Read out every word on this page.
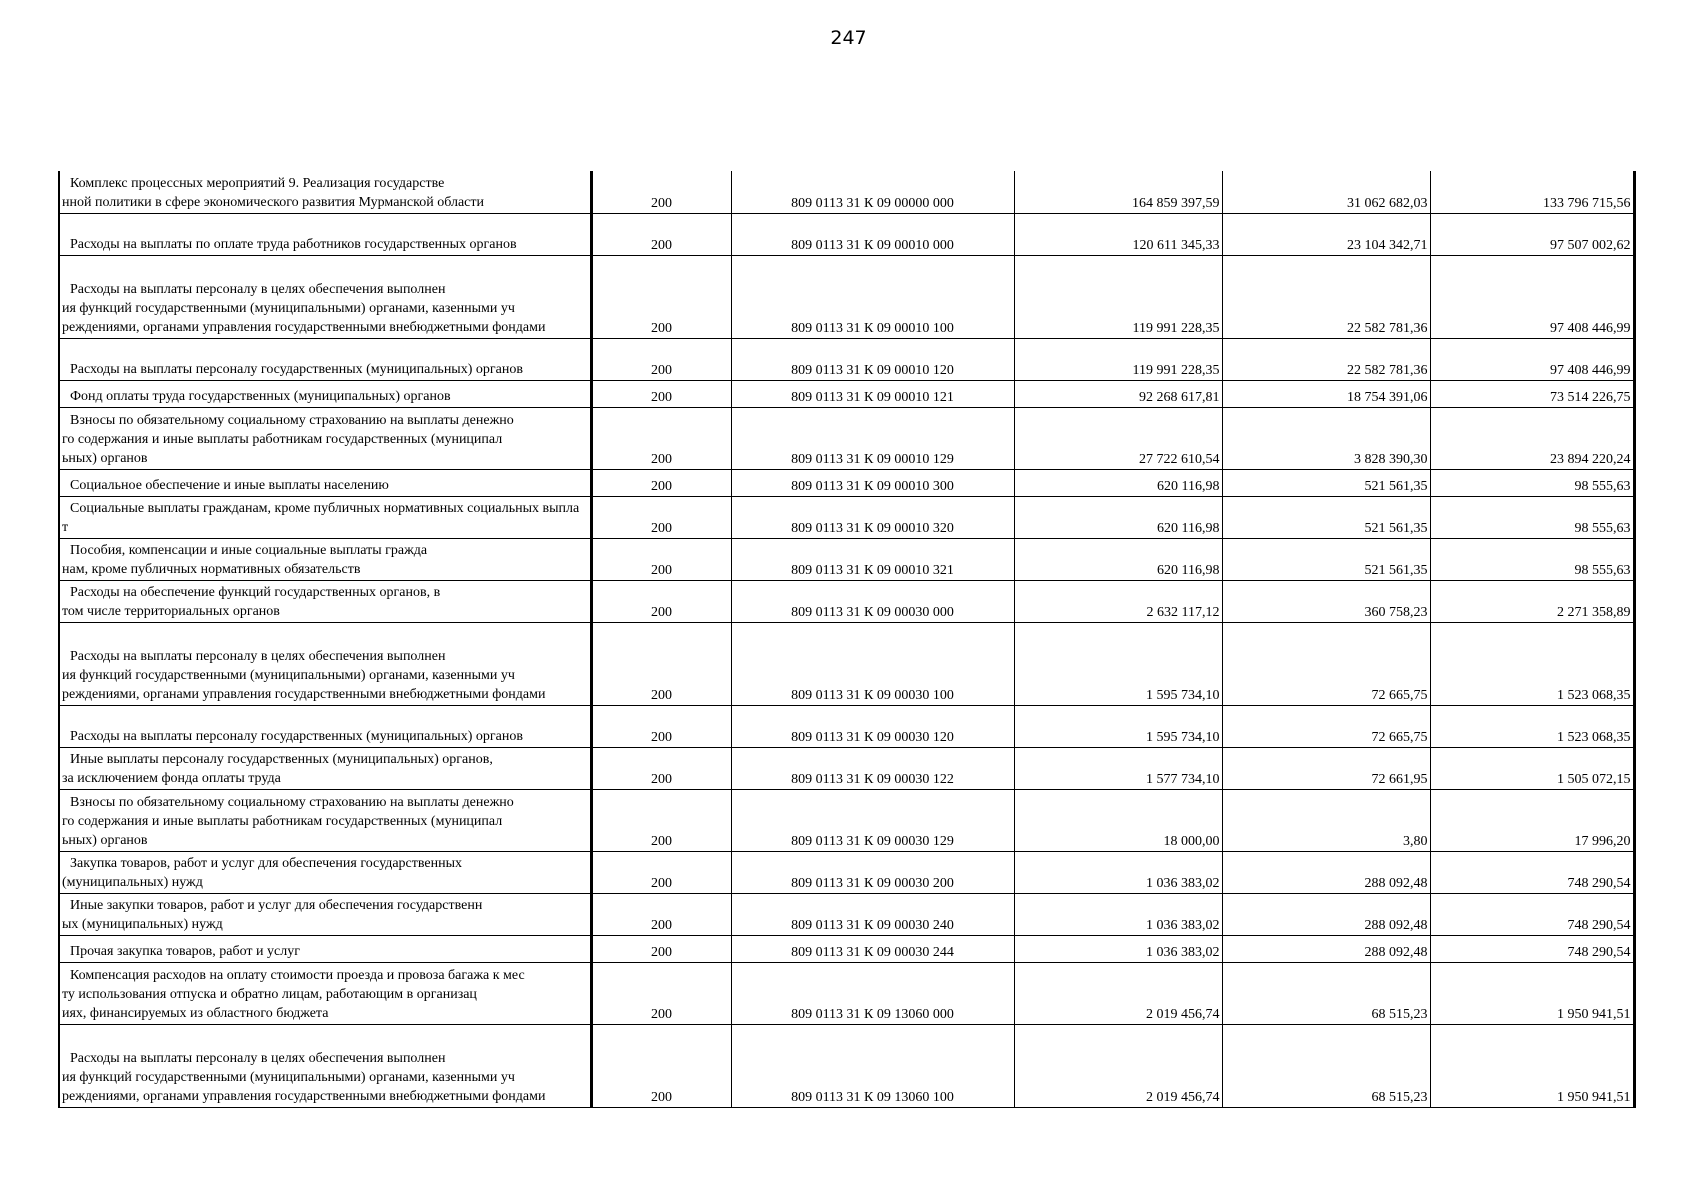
247
Комплекс процессных мероприятий 9. Реализация государстве
нной политики в сфере экономического развития Мурманской области	200	809 0113 31 К 09 00000 000	164 859 397,59	31 062 682,03	133 796 715,56

Расходы на выплаты по оплате труда работников государственных органов	200	809 0113 31 К 09 00010 000	120 611 345,33	23 104 342,71	97 507 002,62

Расходы на выплаты персоналу в целях обеспечения выполнен
ия функций государственными (муниципальными) органами, казенными уч
реждениями, органами управления государственными внебюджетными фондами	200	809 0113 31 К 09 00010 100	119 991 228,35	22 582 781,36	97 408 446,99

Расходы на выплаты персоналу государственных (муниципальных) органов	200	809 0113 31 К 09 00010 120	119 991 228,35	22 582 781,36	97 408 446,99

Фонд оплаты труда государственных (муниципальных) органов	200	809 0113 31 К 09 00010 121	92 268 617,81	18 754 391,06	73 514 226,75

Взносы по обязательному социальному страхованию на выплаты денежно
го содержания и иные выплаты работникам государственных (муниципал
ьных) органов	200	809 0113 31 К 09 00010 129	27 722 610,54	3 828 390,30	23 894 220,24

Социальное обеспечение и иные выплаты населению	200	809 0113 31 К 09 00010 300	620 116,98	521 561,35	98 555,63

Социальные выплаты гражданам, кроме публичных нормативных социальных выпла
т	200	809 0113 31 К 09 00010 320	620 116,98	521 561,35	98 555,63

Пособия, компенсации и иные социальные выплаты гражда
нам, кроме публичных нормативных обязательств	200	809 0113 31 К 09 00010 321	620 116,98	521 561,35	98 555,63

Расходы на обеспечение функций государственных органов, в
том числе территориальных органов	200	809 0113 31 К 09 00030 000	2 632 117,12	360 758,23	2 271 358,89

Расходы на выплаты персоналу в целях обеспечения выполнен
ия функций государственными (муниципальными) органами, казенными уч
реждениями, органами управления государственными внебюджетными фондами	200	809 0113 31 К 09 00030 100	1 595 734,10	72 665,75	1 523 068,35

Расходы на выплаты персоналу государственных (муниципальных) органов	200	809 0113 31 К 09 00030 120	1 595 734,10	72 665,75	1 523 068,35

Иные выплаты персоналу государственных (муниципальных) органов,
за исключением фонда оплаты труда	200	809 0113 31 К 09 00030 122	1 577 734,10	72 661,95	1 505 072,15

Взносы по обязательному социальному страхованию на выплаты денежно
го содержания и иные выплаты работникам государственных (муниципал
ьных) органов	200	809 0113 31 К 09 00030 129	18 000,00	3,80	17 996,20

Закупка товаров, работ и услуг для обеспечения государственных
(муниципальных) нужд	200	809 0113 31 К 09 00030 200	1 036 383,02	288 092,48	748 290,54

Иные закупки товаров, работ и услуг для обеспечения государственн
ых (муниципальных) нужд	200	809 0113 31 К 09 00030 240	1 036 383,02	288 092,48	748 290,54

Прочая закупка товаров, работ и услуг	200	809 0113 31 К 09 00030 244	1 036 383,02	288 092,48	748 290,54

Компенсация расходов на оплату стоимости проезда и провоза багажа к мес
ту использования отпуска и обратно лицам, работающим в организац
иях, финансируемых из областного бюджета	200	809 0113 31 К 09 13060 000	2 019 456,74	68 515,23	1 950 941,51

Расходы на выплаты персоналу в целях обеспечения выполнен
ия функций государственными (муниципальными) органами, казенными уч
реждениями, органами управления государственными внебюджетными фондами	200	809 0113 31 К 09 13060 100	2 019 456,74	68 515,23	1 950 941,51
